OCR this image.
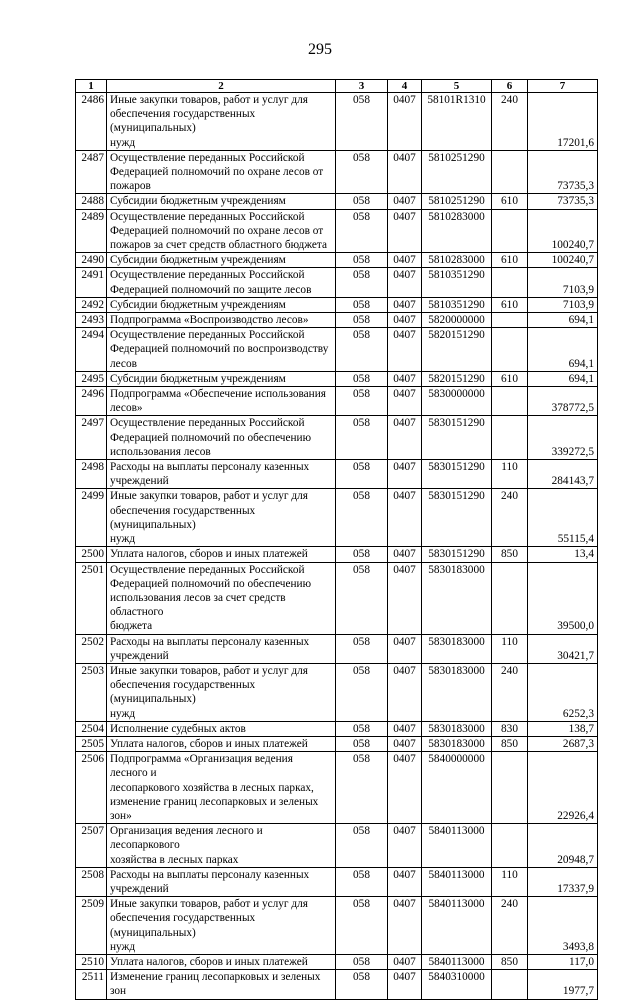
295
1	2	3	4	5	6	7
2486	Иные закупки товаров, работ и услуг для
обеспечения государственных (муниципальных)
нужд	058	0407	58101R1310	240	17201,6
2487	Осуществление переданных Российской
Федерацией полномочий по охране лесов от
пожаров	058	0407	5810251290		73735,3
2488	Субсидии бюджетным учреждениям	058	0407	5810251290	610	73735,3
2489	Осуществление переданных Российской
Федерацией полномочий по охране лесов от
пожаров за счет средств областного бюджета	058	0407	5810283000		100240,7
2490	Субсидии бюджетным учреждениям	058	0407	5810283000	610	100240,7
2491	Осуществление переданных Российской
Федерацией полномочий по защите лесов	058	0407	5810351290		7103,9
2492	Субсидии бюджетным учреждениям	058	0407	5810351290	610	7103,9
2493	Подпрограмма «Воспроизводство лесов»	058	0407	5820000000		694,1
2494	Осуществление переданных Российской
Федерацией полномочий по воспроизводству
лесов	058	0407	5820151290		694,1
2495	Субсидии бюджетным учреждениям	058	0407	5820151290	610	694,1
2496	Подпрограмма «Обеспечение использования
лесов»	058	0407	5830000000		378772,5
2497	Осуществление переданных Российской
Федерацией полномочий по обеспечению
использования лесов	058	0407	5830151290		339272,5
2498	Расходы на выплаты персоналу казенных
учреждений	058	0407	5830151290	110	284143,7
2499	Иные закупки товаров, работ и услуг для
обеспечения государственных (муниципальных)
нужд	058	0407	5830151290	240	55115,4
2500	Уплата налогов, сборов и иных платежей	058	0407	5830151290	850	13,4
2501	Осуществление переданных Российской
Федерацией полномочий по обеспечению
использования лесов за счет средств областного
бюджета	058	0407	5830183000		39500,0
2502	Расходы на выплаты персоналу казенных
учреждений	058	0407	5830183000	110	30421,7
2503	Иные закупки товаров, работ и услуг для
обеспечения государственных (муниципальных)
нужд	058	0407	5830183000	240	6252,3
2504	Исполнение судебных актов	058	0407	5830183000	830	138,7
2505	Уплата налогов, сборов и иных платежей	058	0407	5830183000	850	2687,3
2506	Подпрограмма «Организация ведения лесного и
лесопаркового хозяйства в лесных парках,
изменение границ лесопарковых и зеленых зон»	058	0407	5840000000		22926,4
2507	Организация ведения лесного и лесопаркового
хозяйства в лесных парках	058	0407	5840113000		20948,7
2508	Расходы на выплаты персоналу казенных
учреждений	058	0407	5840113000	110	17337,9
2509	Иные закупки товаров, работ и услуг для
обеспечения государственных (муниципальных)
нужд	058	0407	5840113000	240	3493,8
2510	Уплата налогов, сборов и иных платежей	058	0407	5840113000	850	117,0
2511	Изменение границ лесопарковых и зеленых зон	058	0407	5840310000		1977,7
